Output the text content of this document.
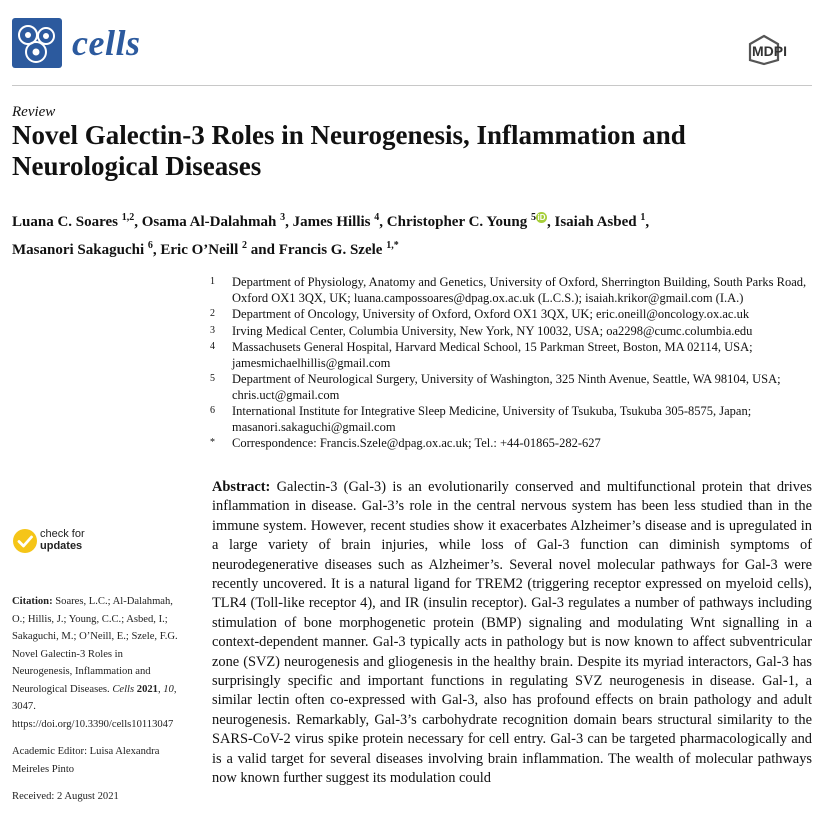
cells	MDPI
Review
Novel Galectin-3 Roles in Neurogenesis, Inflammation and Neurological Diseases
Luana C. Soares $^{1,2}$, Osama Al-Dalahmah $^3$, James Hillis $^4$, Christopher C. Young $^5$ iD , Isaiah Asbed $^1$,
Masanori Sakaguchi $^6$, Eric O’Neill $^2$ and Francis G. Szele $^{1,*}$
1 Department of Physiology, Anatomy and Genetics, University of Oxford, Sherrington Building, South Parks Road, Oxford OX1 3QX, UK; luana.campossoares@dpag.ox.ac.uk (L.C.S.); isaiah.krikor@gmail.com (I.A.)
2 Department of Oncology, University of Oxford, Oxford OX1 3QX, UK; eric.oneill@oncology.ox.ac.uk
3 Irving Medical Center, Columbia University, New York, NY 10032, USA; oa2298@cumc.columbia.edu
4 Massachusets General Hospital, Harvard Medical School, 15 Parkman Street, Boston, MA 02114, USA; jamesmichaelhillis@gmail.com
5 Department of Neurological Surgery, University of Washington, 325 Ninth Avenue, Seattle, WA 98104, USA; chris.uct@gmail.com
6 International Institute for Integrative Sleep Medicine, University of Tsukuba, Tsukuba 305-8575, Japan; masanori.sakaguchi@gmail.com
* Correspondence: Francis.Szele@dpag.ox.ac.uk; Tel.: +44-01865-282-627
Abstract: Galectin-3 (Gal-3) is an evolutionarily conserved and multifunctional protein that drives inflammation in disease. Gal-3’s role in the central nervous system has been less studied than in the immune system. However, recent studies show it exacerbates Alzheimer’s disease and is upregulated in a large variety of brain injuries, while loss of Gal-3 function can diminish symptoms of neurodegenerative diseases such as Alzheimer’s. Several novel molecular pathways for Gal-3 were recently uncovered. It is a natural ligand for TREM2 (triggering receptor expressed on myeloid cells), TLR4 (Toll-like receptor 4), and IR (insulin receptor). Gal-3 regulates a number of pathways including stimulation of bone morphogenetic protein (BMP) signaling and modulating Wnt signalling in a context-dependent manner. Gal-3 typically acts in pathology but is now known to affect subventricular zone (SVZ) neurogenesis and gliogenesis in the healthy brain. Despite its myriad interactors, Gal-3 has surprisingly specific and important functions in regulating SVZ neurogenesis in disease. Gal-1, a similar lectin often co-expressed with Gal-3, also has profound effects on brain pathology and adult neurogenesis. Remarkably, Gal-3’s carbohydrate recognition domain bears structural similarity to the SARS-CoV-2 virus spike protein necessary for cell entry. Gal-3 can be targeted pharmacologically and is a valid target for several diseases involving brain inflammation. The wealth of molecular pathways now known further suggest its modulation could
check for
updates
Citation: Soares, L.C.; Al-Dalahmah, O.; Hillis, J.; Young, C.C.; Asbed, I.; Sakaguchi, M.; O’Neill, E.; Szele, F.G. Novel Galectin-3 Roles in Neurogenesis, Inflammation and Neurological Diseases. Cells 2021, 10, 3047. https://doi.org/10.3390/cells10113047
Academic Editor: Luisa Alexandra Meireles Pinto
Received: 2 August 2021
